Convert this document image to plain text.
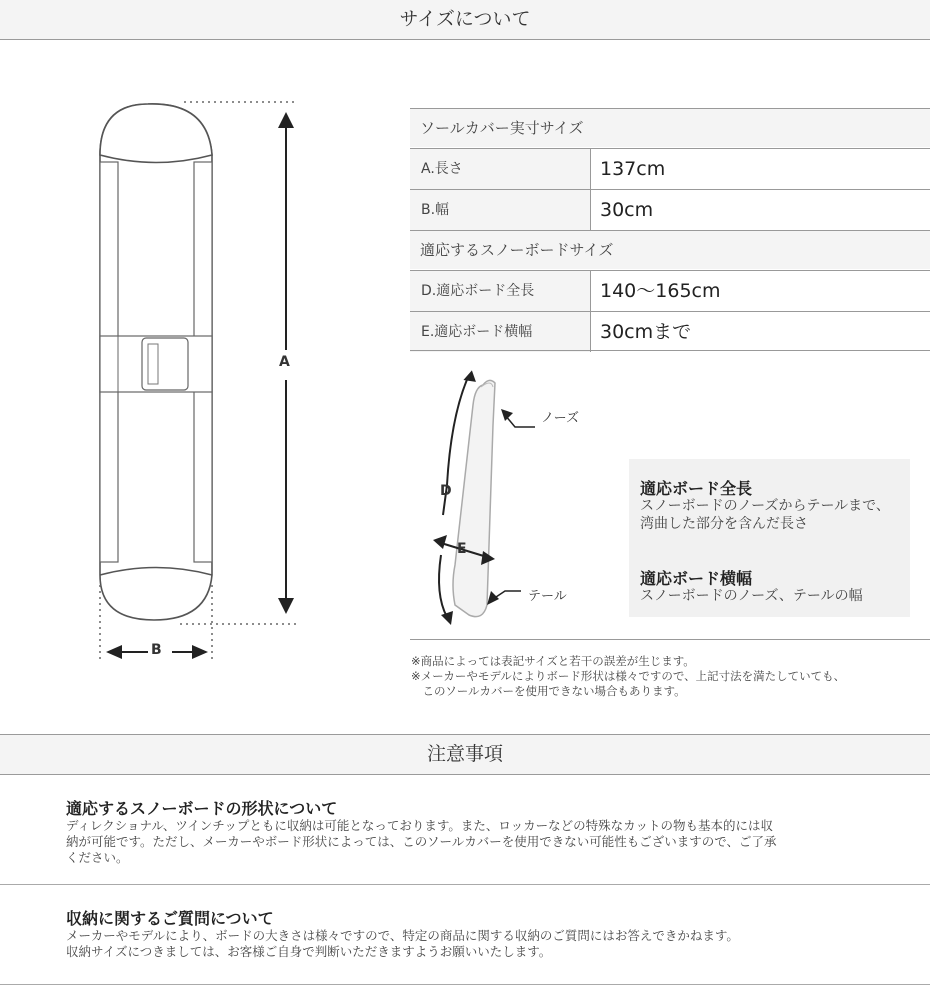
サイズについて
A
B
ソールカバー実寸サイズ
A.長さ	137cm
B.幅	30cm
適応するスノーボードサイズ
D.適応ボード全長	140〜165cm
E.適応ボード横幅	30cmまで
D
E
ノーズ
テール
適応ボード全長
スノーボードのノーズからテールまで、
湾曲した部分を含んだ長さ
適応ボード横幅
スノーボードのノーズ、テールの幅
※商品によっては表記サイズと若干の誤差が生じます。
※メーカーやモデルによりボード形状は様々ですので、上記寸法を満たしていても、
　このソールカバーを使用できない場合もあります。
注意事項
適応するスノーボードの形状について
ディレクショナル、ツインチップともに収納は可能となっております。また、ロッカーなどの特殊なカットの物も基本的には収
納が可能です。ただし、メーカーやボード形状によっては、このソールカバーを使用できない可能性もございますので、ご了承
ください。
収納に関するご質問について
メーカーやモデルにより、ボードの大きさは様々ですので、特定の商品に関する収納のご質問にはお答えできかねます。
収納サイズにつきましては、お客様ご自身で判断いただきますようお願いいたします。
